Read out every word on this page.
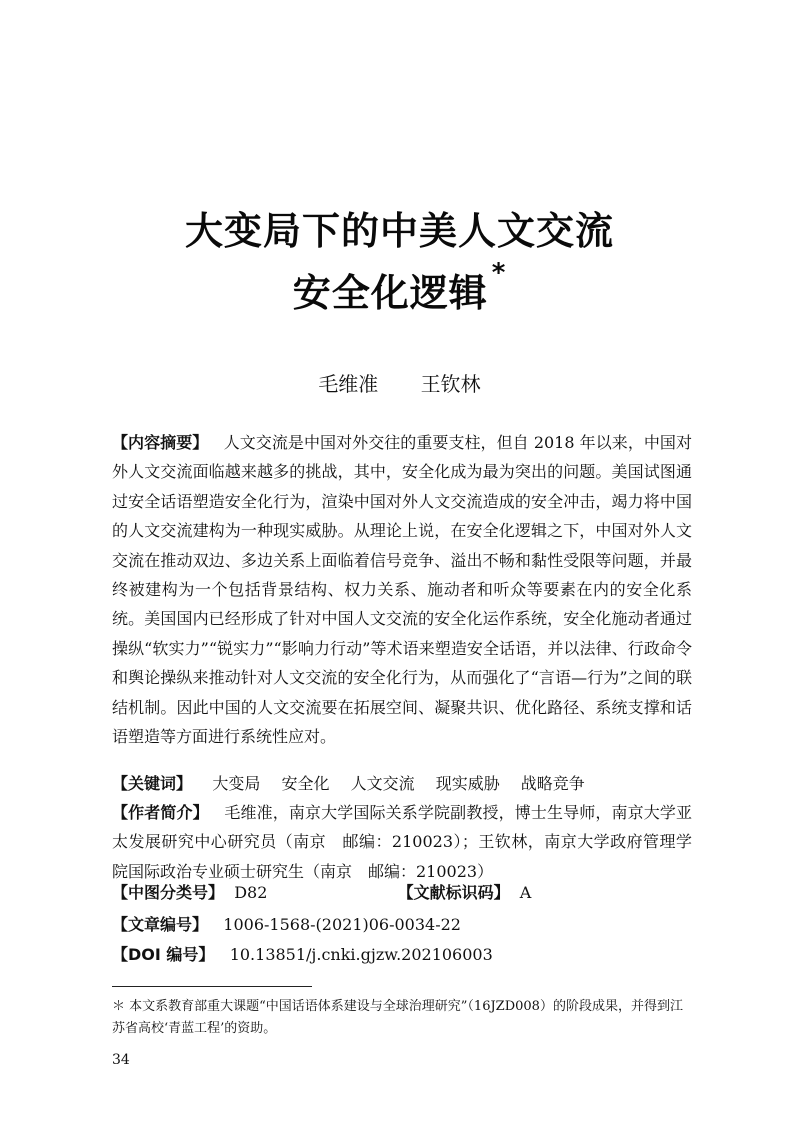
大变局下的中美人文交流
安全化逻辑 *
毛维准 王钦林
【内容摘要】 人文交流是中国对外交往的重要支柱，但自 2018 年以来，中国对外人文交流面临越来越多的挑战，其中，安全化成为最为突出的问题。美国试图通过安全话语塑造安全化行为，渲染中国对外人文交流造成的安全冲击，竭力将中国的人文交流建构为一种现实威胁。从理论上说，在安全化逻辑之下，中国对外人文交流在推动双边、多边关系上面临着信号竞争、溢出不畅和黏性受限等问题，并最终被建构为一个包括背景结构、权力关系、施动者和听众等要素在内的安全化系统。美国国内已经形成了针对中国人文交流的安全化运作系统，安全化施动者通过操纵“软实力”“锐实力”“影响力行动”等术语来塑造安全话语，并以法律、行政命令和舆论操纵来推动针对人文交流的安全化行为，从而强化了“言语—行为”之间的联结机制。因此中国的人文交流要在拓展空间、凝聚共识、优化路径、系统支撑和话语塑造等方面进行系统性应对。
【关键词】 大变局 安全化 人文交流 现实威胁 战略竞争
【作者简介】 毛维准，南京大学国际关系学院副教授，博士生导师，南京大学亚太发展研究中心研究员（南京　邮编：210023）；王钦林，南京大学政府管理学院国际政治专业硕士研究生（南京　邮编：210023）
【中图分类号】 D82	【文献标识码】 A
【文章编号】 1006-1568-(2021)06-0034-22
【DOI 编号】 10.13851/j.cnki.gjzw.202106003
＊ 本文系教育部重大课题“中国话语体系建设与全球治理研究”（16JZD008）的阶段成果，并得到江苏省高校‘青蓝工程’的资助。
34
